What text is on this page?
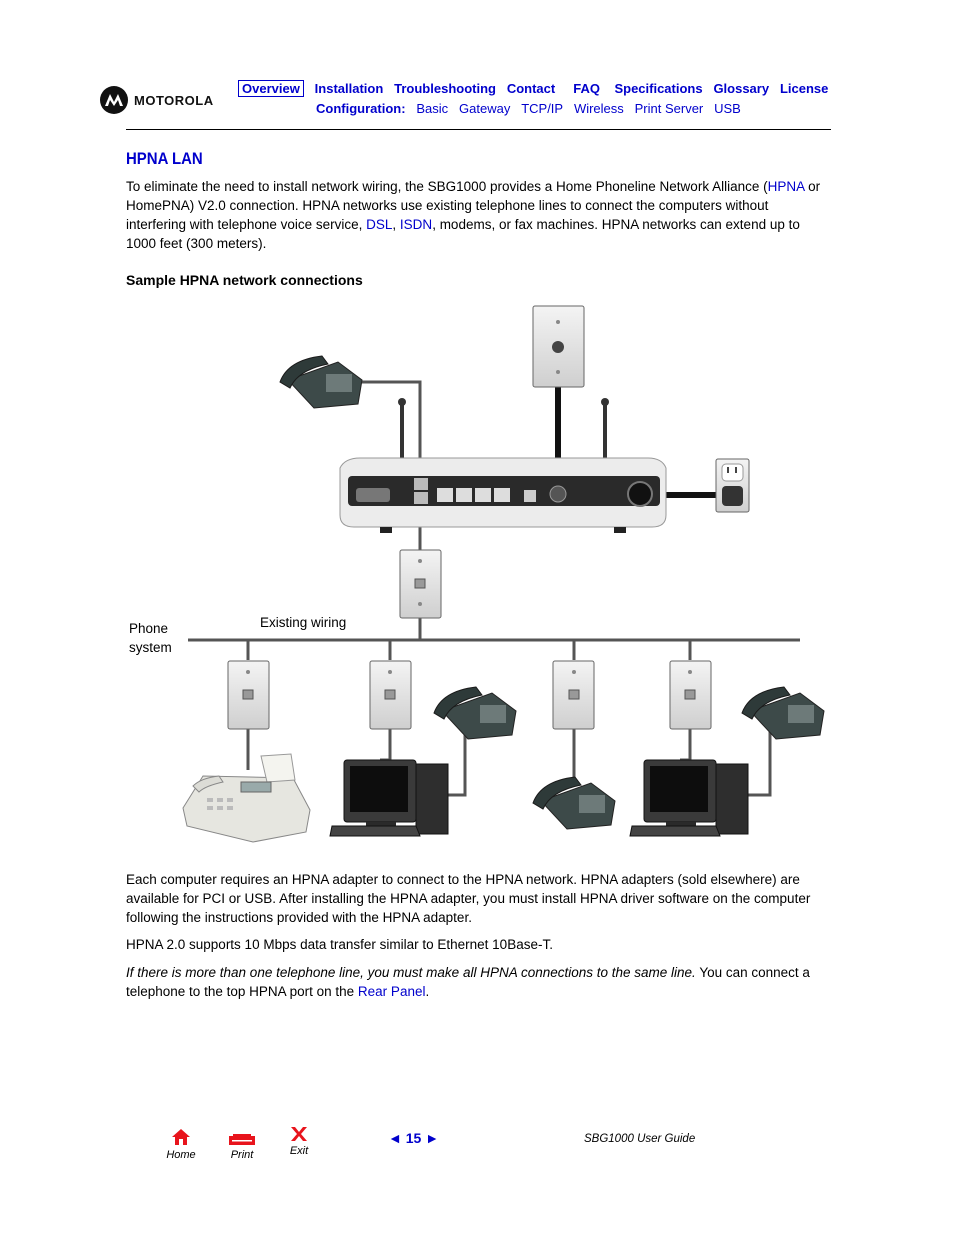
MOTOROLA
Overview Installation Troubleshooting Contact FAQ Specifications Glossary License
Configuration: Basic Gateway TCP/IP Wireless Print Server USB
HPNA LAN
To eliminate the need to install network wiring, the SBG1000 provides a Home Phoneline Network Alliance (HPNA or HomePNA) V2.0 connection. HPNA networks use existing telephone lines to connect the computers without interfering with telephone voice service, DSL, ISDN, modems, or fax machines. HPNA networks can extend up to 1000 feet (300 meters).
Sample HPNA network connections
Phone
system
Existing wiring
Each computer requires an HPNA adapter to connect to the HPNA network. HPNA adapters (sold elsewhere) are available for PCI or USB. After installing the HPNA adapter, you must install HPNA driver software on the computer following the instructions provided with the HPNA adapter.
HPNA 2.0 supports 10 Mbps data transfer similar to Ethernet 10Base-T.
If there is more than one telephone line, you must make all HPNA connections to the same line. You can connect a telephone to the top HPNA port on the Rear Panel.
Home	Print	Exit
◄ 15 ►	SBG1000 User Guide
